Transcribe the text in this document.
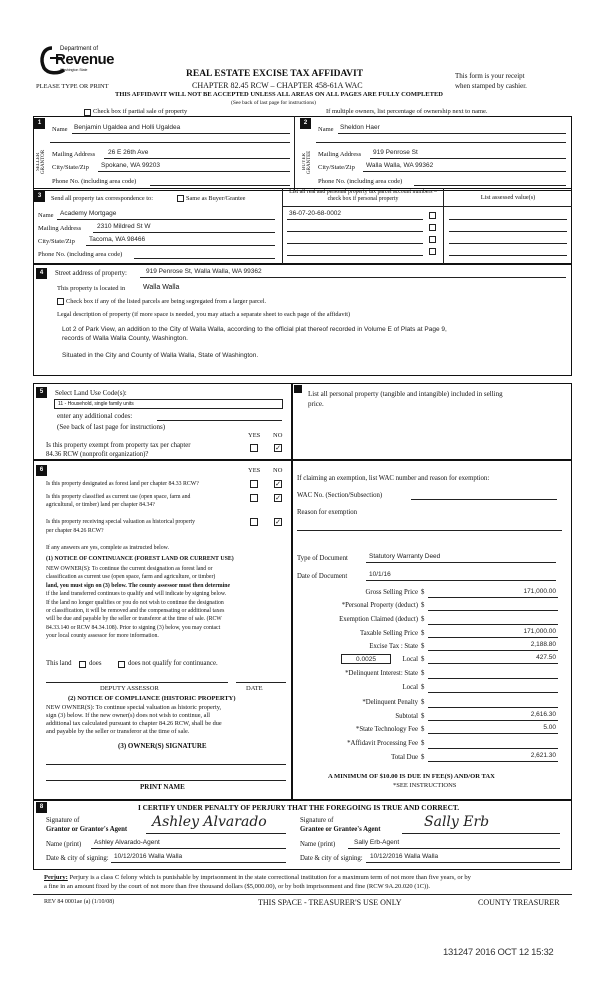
Department of
Revenue
Washington State
PLEASE TYPE OR PRINT
REAL ESTATE EXCISE TAX AFFIDAVIT
CHAPTER 82.45 RCW – CHAPTER 458-61A WAC
THIS AFFIDAVIT WILL NOT BE ACCEPTED UNLESS ALL AREAS ON ALL PAGES ARE FULLY COMPLETED
(See back of last page for instructions)
This form is your receipt
when stamped by cashier.
Check box if partial sale of property	If multiple owners, list percentage of ownership next to name.
1
SELLER GRANTOR
Name Benjamin Ugaldea and Holli Ugaldea
Mailing Address 26 E 26th Ave
City/State/Zip Spokane, WA 99203
Phone No. (including area code)
2
BUYER GRANTEE
Name Sheldon Haer
Mailing Address 919 Penrose St
City/State/Zip Walla Walla, WA 99362
Phone No. (including area code)
3	Send all property tax correspondence to:	Same as Buyer/Grantee
Name Academy Mortgage
Mailing Address 2310 Mildred St W
City/State/Zip Tacoma, WA 98466
Phone No. (including area code)
List all real and personal property tax parcel account numbers – check box if personal property	List assessed value(s)
36-07-20-68-0002
4	Street address of property:	919 Penrose St, Walla Walla, WA 99362
This property is located in	Walla Walla
Check box if any of the listed parcels are being segregated from a larger parcel.
Legal description of property (if more space is needed, you may attach a separate sheet to each page of the affidavit)
Lot 2 of Park View, an addition to the City of Walla Walla, according to the official plat thereof recorded in Volume E of Plats at Page 9,
records of Walla Walla County, Washington.
Situated in the City and County of Walla Walla, State of Washington.
5	Select Land Use Code(s):
11 - Household, single family units
enter any additional codes:
(See back of last page for instructions)
YES NO
Is this property exempt from property tax per chapter
84.36 RCW (nonprofit organization)?
✓
List all personal property (tangible and intangible) included in selling
price.
6	YES NO
Is this property designated as forest land per chapter 84.33 RCW?	✓
Is this property classified as current use (open space, farm and
agricultural, or timber) land per chapter 84.34?
✓
Is this property receiving special valuation as historical property
per chapter 84.26 RCW?
✓
If any answers are yes, complete as instructed below.
(1) NOTICE OF CONTINUANCE (FOREST LAND OR CURRENT USE)
NEW OWNER(S): To continue the current designation as forest land or
classification as current use (open space, farm and agriculture, or timber)
land, you must sign on (3) below. The county assessor must then determine
if the land transferred continues to qualify and will indicate by signing below.
If the land no longer qualifies or you do not wish to continue the designation
or classification, it will be removed and the compensating or additional taxes
will be due and payable by the seller or transferor at the time of sale. (RCW
84.33.140 or RCW 84.34.108). Prior to signing (3) below, you may contact
your local county assessor for more information.
This land	does	does not qualify for continuance.
DEPUTY ASSESSOR	DATE
(2) NOTICE OF COMPLIANCE (HISTORIC PROPERTY)
NEW OWNER(S): To continue special valuation as historic property,
sign (3) below. If the new owner(s) does not wish to continue, all
additional tax calculated pursuant to chapter 84.26 RCW, shall be due
and payable by the seller or transferor at the time of sale.
(3) OWNER(S) SIGNATURE
PRINT NAME
If claiming an exemption, list WAC number and reason for exemption:
WAC No. (Section/Subsection)
Reason for exemption
Type of Document	Statutory Warranty Deed
Date of Document	10/1/16
Gross Selling Price $	171,000.00
*Personal Property (deduct) $
Exemption Claimed (deduct) $
Taxable Selling Price $	171,000.00
Excise Tax : State $	2,188.80
0.0025	Local $	427.50
*Delinquent Interest: State $
Local $
*Delinquent Penalty $
Subtotal $	2,616.30
*State Technology Fee $	5.00
*Affidavit Processing Fee $
Total Due $	2,621.30
A MINIMUM OF $10.00 IS DUE IN FEE(S) AND/OR TAX
*SEE INSTRUCTIONS
8	I CERTIFY UNDER PENALTY OF PERJURY THAT THE FOREGOING IS TRUE AND CORRECT.
Signature of
Grantor or Grantor's Agent Ashley Alvarado
Name (print) Ashley Alvarado-Agent
Date & city of signing: 10/12/2016 Walla Walla
Signature of
Grantee or Grantee's Agent	Sally Erb
Name (print)	Sally Erb-Agent
Date & city of signing: 10/12/2016 Walla Walla
Perjury: Perjury is a class C felony which is punishable by imprisonment in the state correctional institution for a maximum term of not more than five years, or by
a fine in an amount fixed by the court of not more than five thousand dollars ($5,000.00), or by both imprisonment and fine (RCW 9A.20.020 (1C)).
REV 84 0001ae (a) (1/10/08)	THIS SPACE - TREASURER'S USE ONLY	COUNTY TREASURER
131247 2016 OCT 12 15:32
